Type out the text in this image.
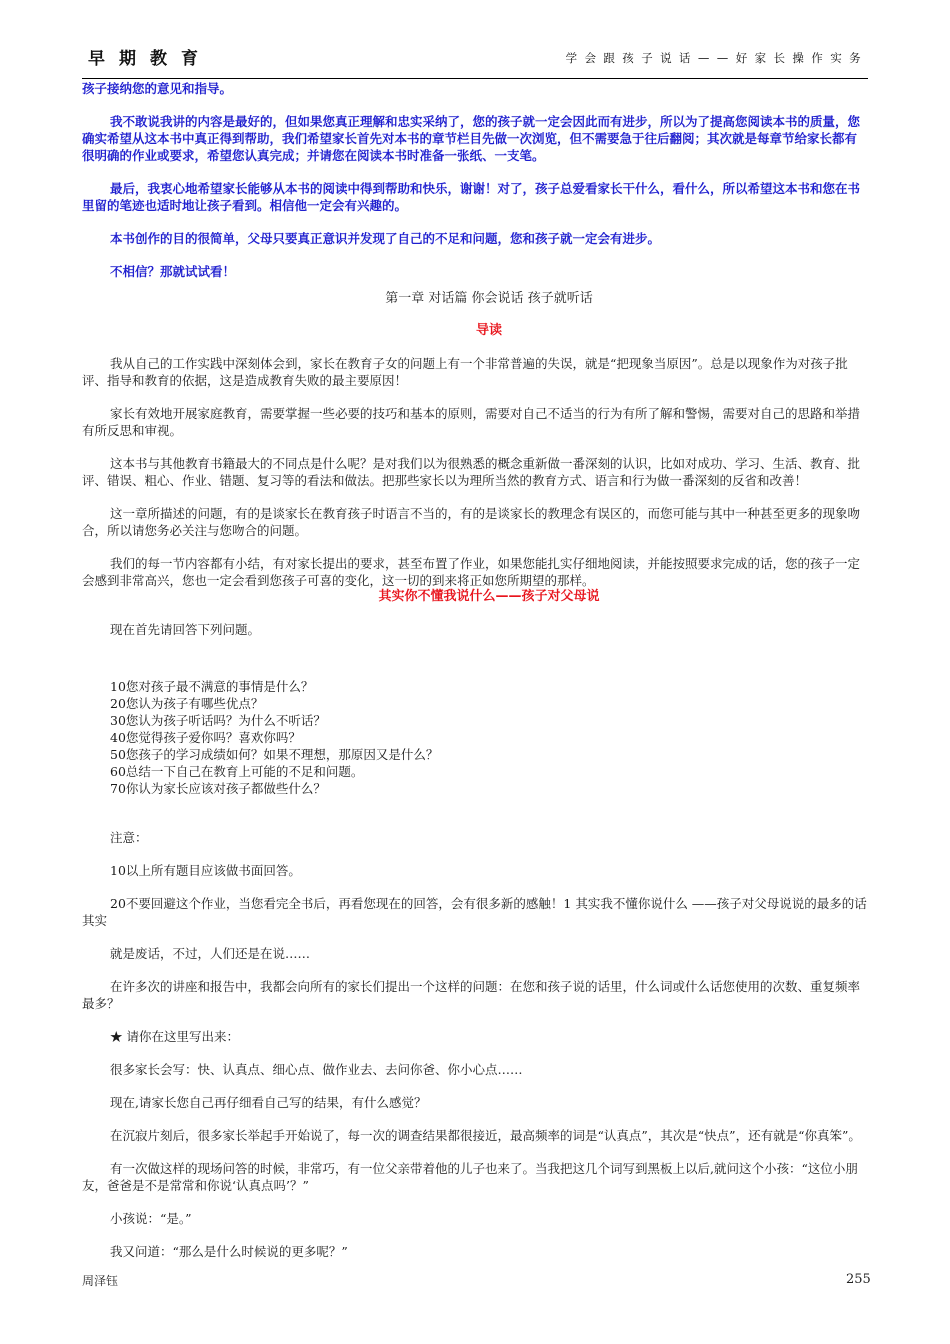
早期教育	学会跟孩子说话——好家长操作实务

孩子接纳您的意见和指导。

我不敢说我讲的内容是最好的，但如果您真正理解和忠实采纳了，您的孩子就一定会因此而有进步，所以为了提高您阅读本书的质量，您确实希望从这本书中真正得到帮助，我们希望家长首先对本书的章节栏目先做一次浏览，但不需要急于往后翻阅；其次就是每章节给家长都有很明确的作业或要求，希望您认真完成；并请您在阅读本书时准备一张纸、一支笔。

最后，我衷心地希望家长能够从本书的阅读中得到帮助和快乐，谢谢！对了，孩子总爱看家长干什么，看什么，所以希望这本书和您在书里留的笔迹也适时地让孩子看到。相信他一定会有兴趣的。

本书创作的目的很简单，父母只要真正意识并发现了自己的不足和问题，您和孩子就一定会有进步。

不相信？那就试试看！

第一章 对话篇 你会说话 孩子就听话

导读

我从自己的工作实践中深刻体会到，家长在教育子女的问题上有一个非常普遍的失误，就是“把现象当原因”。总是以现象作为对孩子批评、指导和教育的依据，这是造成教育失败的最主要原因！

家长有效地开展家庭教育，需要掌握一些必要的技巧和基本的原则，需要对自己不适当的行为有所了解和警惕，需要对自己的思路和举措有所反思和审视。

这本书与其他教育书籍最大的不同点是什么呢？是对我们以为很熟悉的概念重新做一番深刻的认识，比如对成功、学习、生活、教育、批评、错误、粗心、作业、错题、复习等的看法和做法。把那些家长以为理所当然的教育方式、语言和行为做一番深刻的反省和改善！

这一章所描述的问题，有的是谈家长在教育孩子时语言不当的，有的是谈家长的教理念有误区的，而您可能与其中一种甚至更多的现象吻合，所以请您务必关注与您吻合的问题。

我们的每一节内容都有小结，有对家长提出的要求，甚至布置了作业，如果您能扎实仔细地阅读，并能按照要求完成的话，您的孩子一定会感到非常高兴，您也一定会看到您孩子可喜的变化，这一切的到来将正如您所期望的那样。

其实你不懂我说什么——孩子对父母说

现在首先请回答下列问题。

10您对孩子最不满意的事情是什么？
20您认为孩子有哪些优点？
30您认为孩子听话吗？为什么不听话？
40您觉得孩子爱你吗？喜欢你吗？
50您孩子的学习成绩如何？如果不理想，那原因又是什么？
60总结一下自己在教育上可能的不足和问题。
70你认为家长应该对孩子都做些什么？

注意：

10以上所有题目应该做书面回答。

20不要回避这个作业，当您看完全书后，再看您现在的回答，会有很多新的感触！1 其实我不懂你说什么 ——孩子对父母说说的最多的话其实

就是废话，不过，人们还是在说……

在许多次的讲座和报告中，我都会向所有的家长们提出一个这样的问题：在您和孩子说的话里，什么词或什么话您使用的次数、重复频率最多？

★ 请你在这里写出来：

很多家长会写：快、认真点、细心点、做作业去、去问你爸、你小心点……

现在,请家长您自己再仔细看自己写的结果，有什么感觉？

在沉寂片刻后，很多家长举起手开始说了，每一次的调查结果都很接近，最高频率的词是“认真点”，其次是“快点”，还有就是“你真笨”。

有一次做这样的现场问答的时候，非常巧，有一位父亲带着他的儿子也来了。当我把这几个词写到黑板上以后,就问这个小孩：“这位小朋友，爸爸是不是常常和你说‘认真点吗’？”

小孩说：“是。”

我又问道：“那么是什么时候说的更多呢？”

周泽钰	255
